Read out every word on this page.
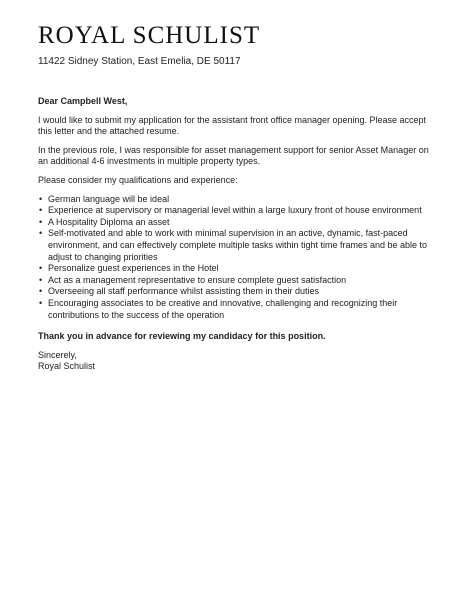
ROYAL SCHULIST
11422 Sidney Station, East Emelia, DE 50117

Dear Campbell West,

I would like to submit my application for the assistant front office manager opening. Please accept this letter and the attached resume.

In the previous role, I was responsible for asset management support for senior Asset Manager on an additional 4-6 investments in multiple property types.

Please consider my qualifications and experience:

• German language will be ideal
• Experience at supervisory or managerial level within a large luxury front of house environment
• A Hospitality Diploma an asset
• Self-motivated and able to work with minimal supervision in an active, dynamic, fast-paced environment, and can effectively complete multiple tasks within tight time frames and be able to adjust to changing priorities
• Personalize guest experiences in the Hotel
• Act as a management representative to ensure complete guest satisfaction
• Overseeing all staff performance whilst assisting them in their duties
• Encouraging associates to be creative and innovative, challenging and recognizing their contributions to the success of the operation

Thank you in advance for reviewing my candidacy for this position.

Sincerely,

Royal Schulist
